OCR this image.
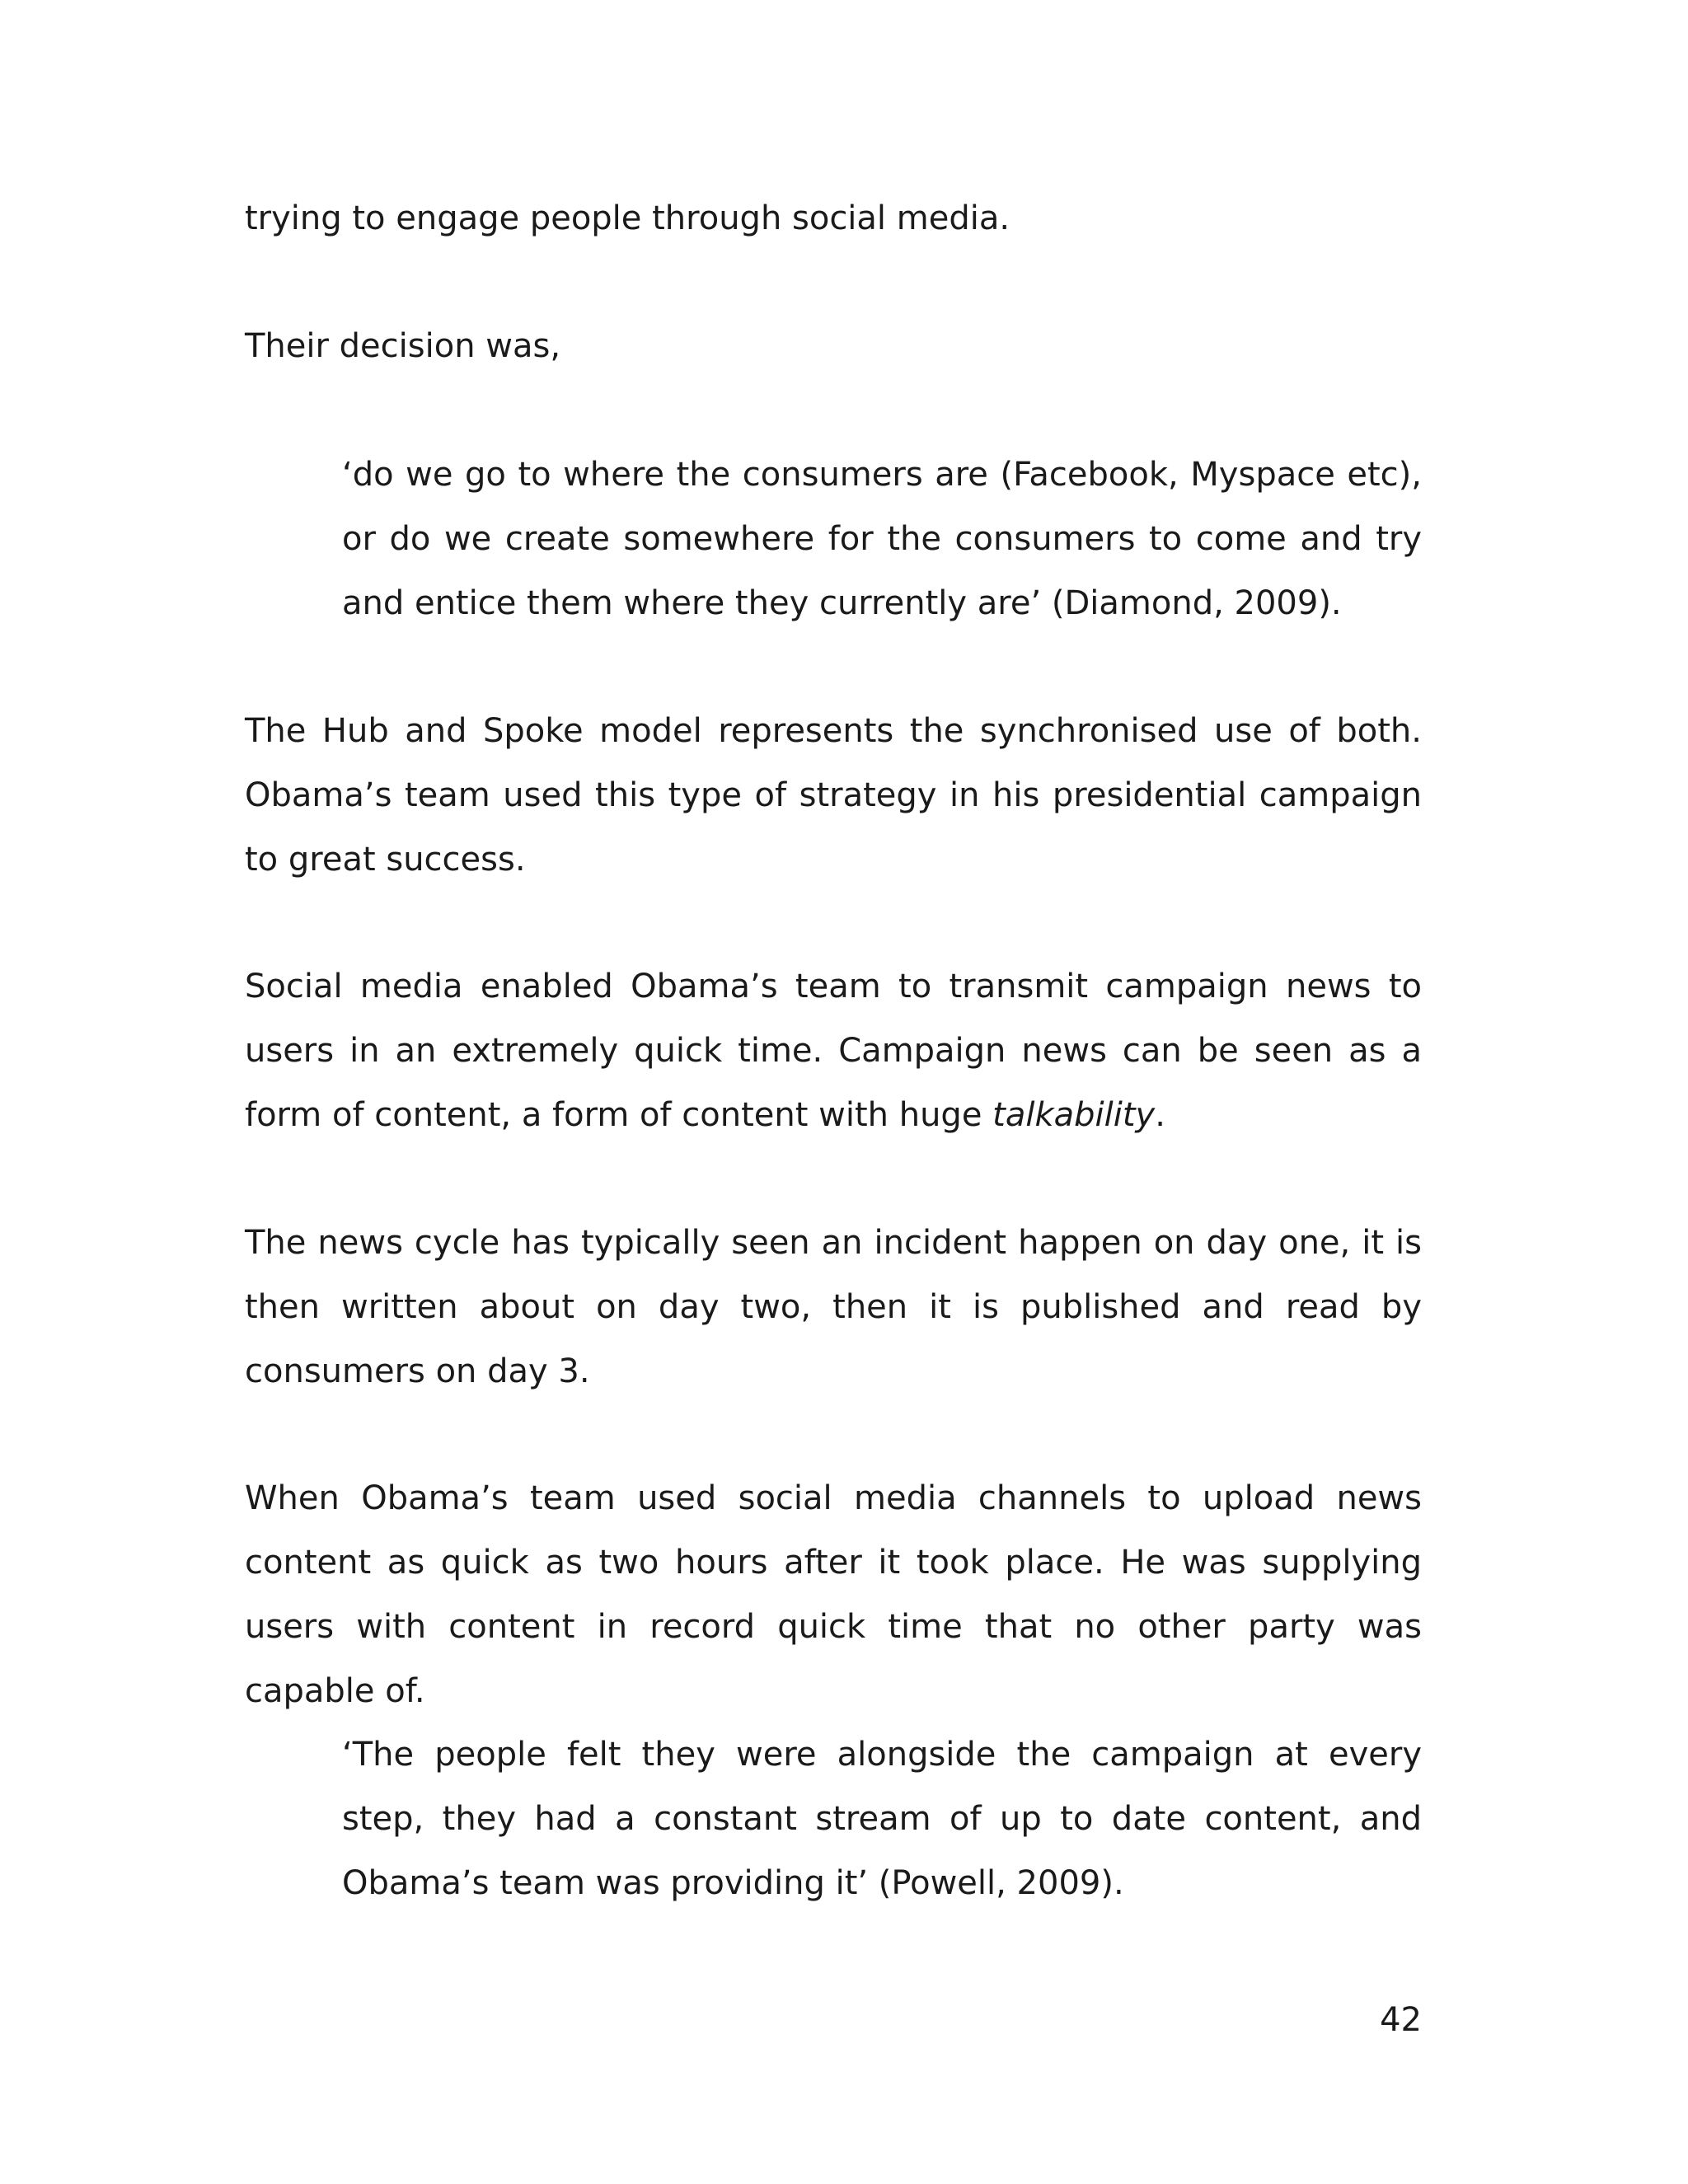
trying to engage people through social media.

Their decision was,

‘do we go to where the consumers are (Facebook, Myspace etc), or do we create somewhere for the consumers to come and try and entice them where they currently are’ (Diamond, 2009).

The Hub and Spoke model represents the synchronised use of both. Obama’s team used this type of strategy in his presidential campaign to great success.

Social media enabled Obama’s team to transmit campaign news to users in an extremely quick time. Campaign news can be seen as a form of content, a form of content with huge talkability.

The news cycle has typically seen an incident happen on day one, it is then written about on day two, then it is published and read by consumers on day 3.

When Obama’s team used social media channels to upload news content as quick as two hours after it took place. He was supplying users with content in record quick time that no other party was capable of.

‘The people felt they were alongside the campaign at every step, they had a constant stream of up to date content, and Obama’s team was providing it’ (Powell, 2009).

42
